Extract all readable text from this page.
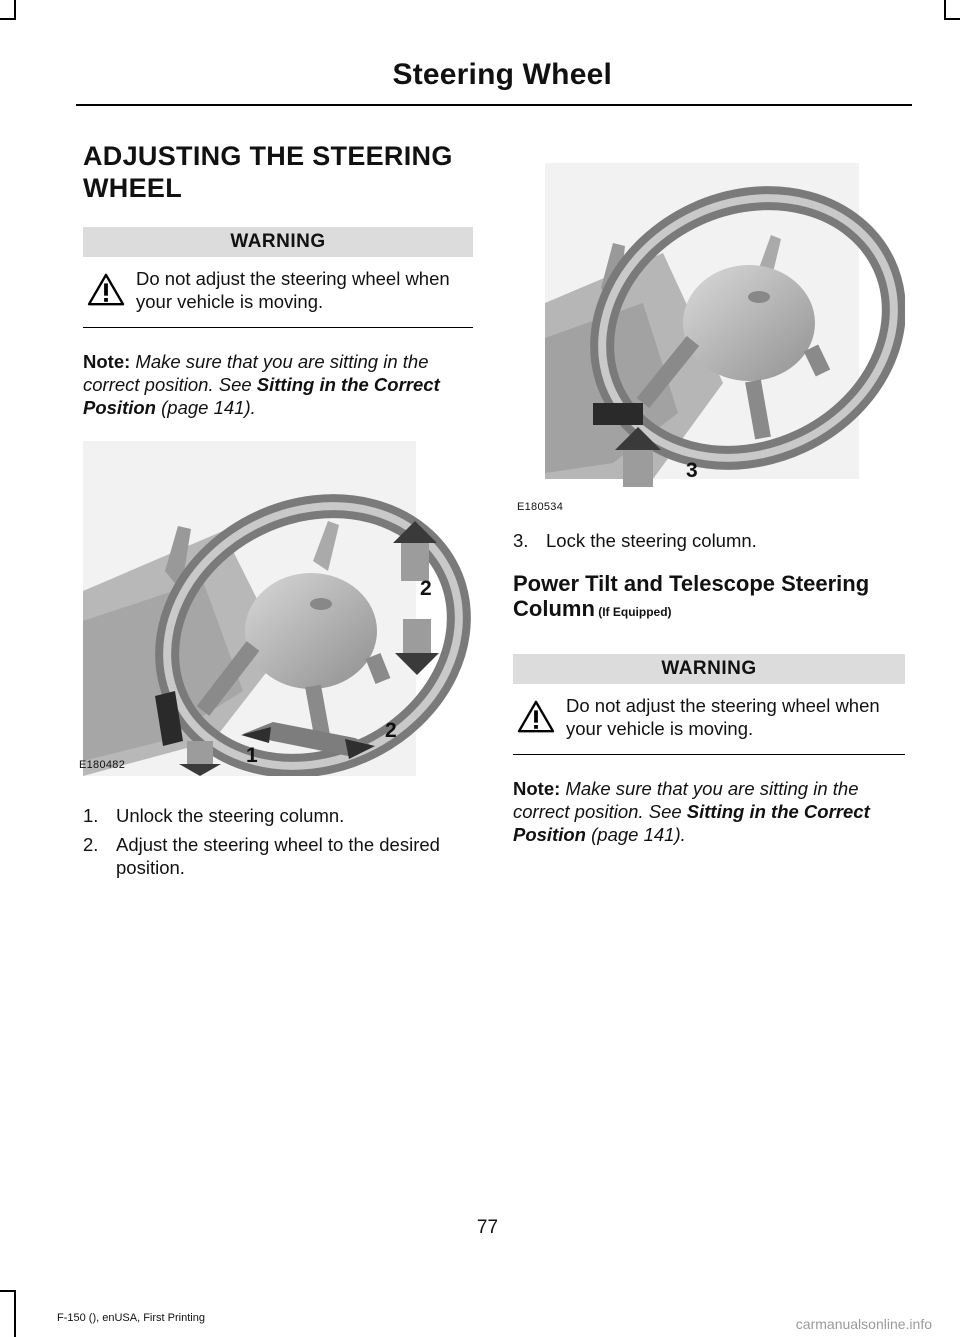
Steering Wheel
ADJUSTING THE STEERING
WHEEL
WARNING

Do not adjust the steering wheel when your vehicle is moving.

Note: Make sure that you are sitting in the correct position. See Sitting in the Correct Position (page 141).

2
2
1
E180482
1. Unlock the steering column.
2. Adjust the steering wheel to the desired position.
3
E180534
3. Lock the steering column.
Power Tilt and Telescope Steering Column (If Equipped)
WARNING

Do not adjust the steering wheel when your vehicle is moving.

Note: Make sure that you are sitting in the correct position. See Sitting in the Correct Position (page 141).

77
F-150 (), enUSA, First Printing	carmanualsonline.info
